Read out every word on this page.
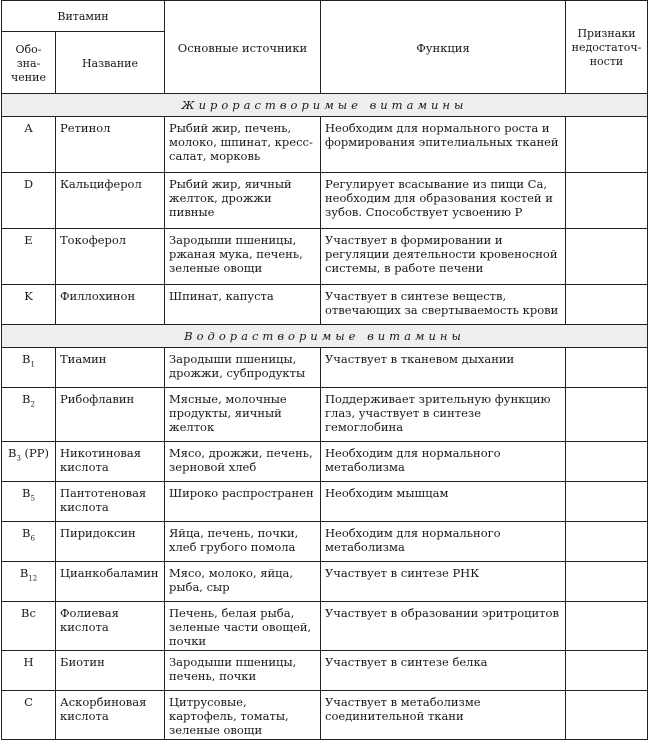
Витамин		Основные источники	Функция	Признаки
недостаточ-
ности
Обо-
зна-
чение	Название			
Жирорастворимые витамины				
A	Ретинол	Рыбий жир, печень, молоко, шпинат, кресс-салат, морковь	Необходим для нормального роста и формирования эпителиальных тканей	
D	Кальциферол	Рыбий жир, яичный желток, дрожжи пивные	Регулирует всасывание из пищи Са, необходим для образования костей и зубов. Способствует усвоению Р	
E	Токоферол	Зародыши пшеницы, ржаная мука, печень, зеленые овощи	Участвует в формировании и регуляции деятельности кровеносной системы, в работе печени	
K	Филлохинон	Шпинат, капуста	Участвует в синтезе веществ, отвечающих за свертываемость крови	
Водорастворимые витамины				
$B_1$	Тиамин	Зародыши пшеницы, дрожжи, субпродукты	Участвует в тканевом дыхании	
$B_2$	Рибофлавин	Мясные, молочные продукты, яичный желток	Поддерживает зрительную функцию глаз, участвует в синтезе гемоглобина	
$B_3$ (PP)	Никотиновая кислота	Мясо, дрожжи, печень, зерновой хлеб	Необходим для нормального метаболизма	
$B_5$	Пантотеновая кислота	Широко распространен	Необходим мышцам	
$B_6$	Пиридоксин	Яйца, печень, почки, хлеб грубого помола	Необходим для нормального метаболизма	
$B_{12}$	Цианкобаламин	Мясо, молоко, яйца, рыба, сыр	Участвует в синтезе РНК	
Bc	Фолиевая кислота	Печень, белая рыба, зеленые части овощей, почки	Участвует в образовании эритроцитов	
H	Биотин	Зародыши пшеницы, печень, почки	Участвует в синтезе белка	
C	Аскорбиновая кислота	Цитрусовые, картофель, томаты, зеленые овощи	Участвует в метаболизме соединительной ткани	
